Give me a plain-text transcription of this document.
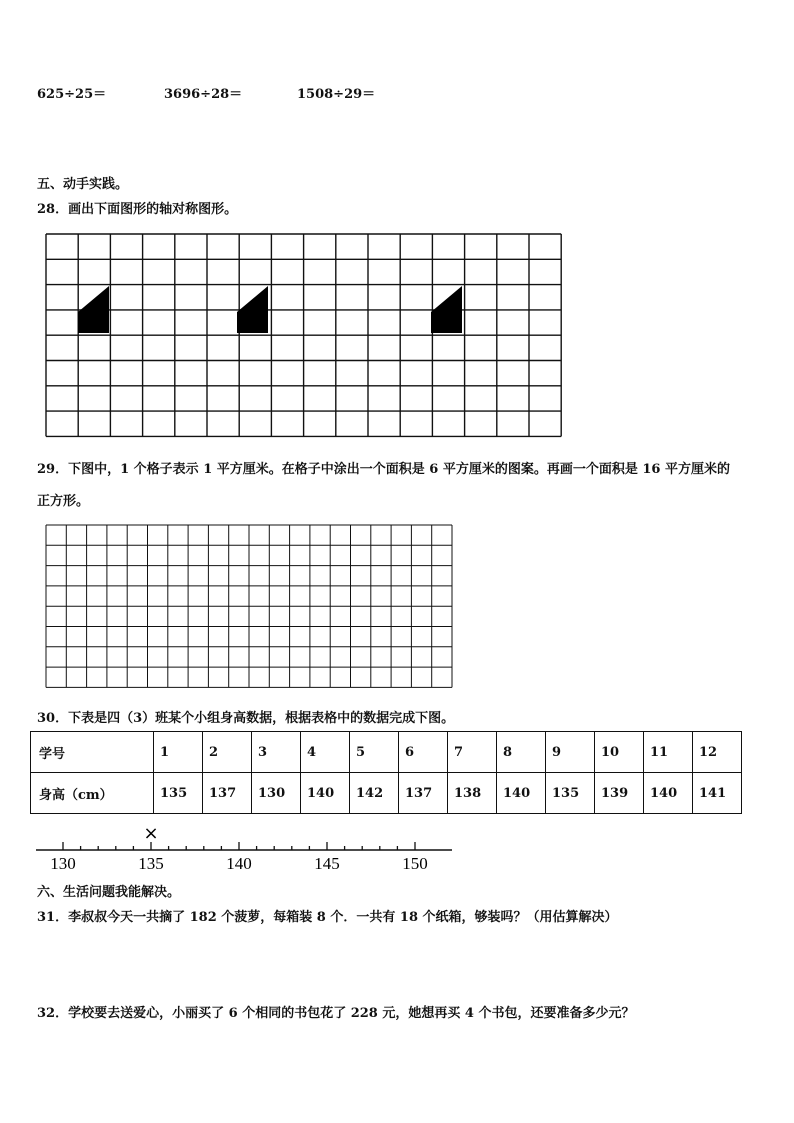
625÷25＝	3696÷28＝	1508÷29＝
五、动手实践。
28．画出下面图形的轴对称图形。
29．下图中，1 个格子表示 1 平方厘米。在格子中涂出一个面积是 6 平方厘米的图案。再画一个面积是 16 平方厘米的
正方形。
30．下表是四（3）班某个小组身高数据，根据表格中的数据完成下图。
学号	1	2	3	4	5	6	7	8	9	10	11	12
身高（cm）	135	137	130	140	142	137	138	140	135	139	140	141
130	135	140	145	150
×
六、生活问题我能解决。
31．李叔叔今天一共摘了 182 个菠萝，每箱装 8 个．一共有 18 个纸箱，够装吗？（用估算解决）
32．学校要去送爱心，小丽买了 6 个相同的书包花了 228 元，她想再买 4 个书包，还要准备多少元？
